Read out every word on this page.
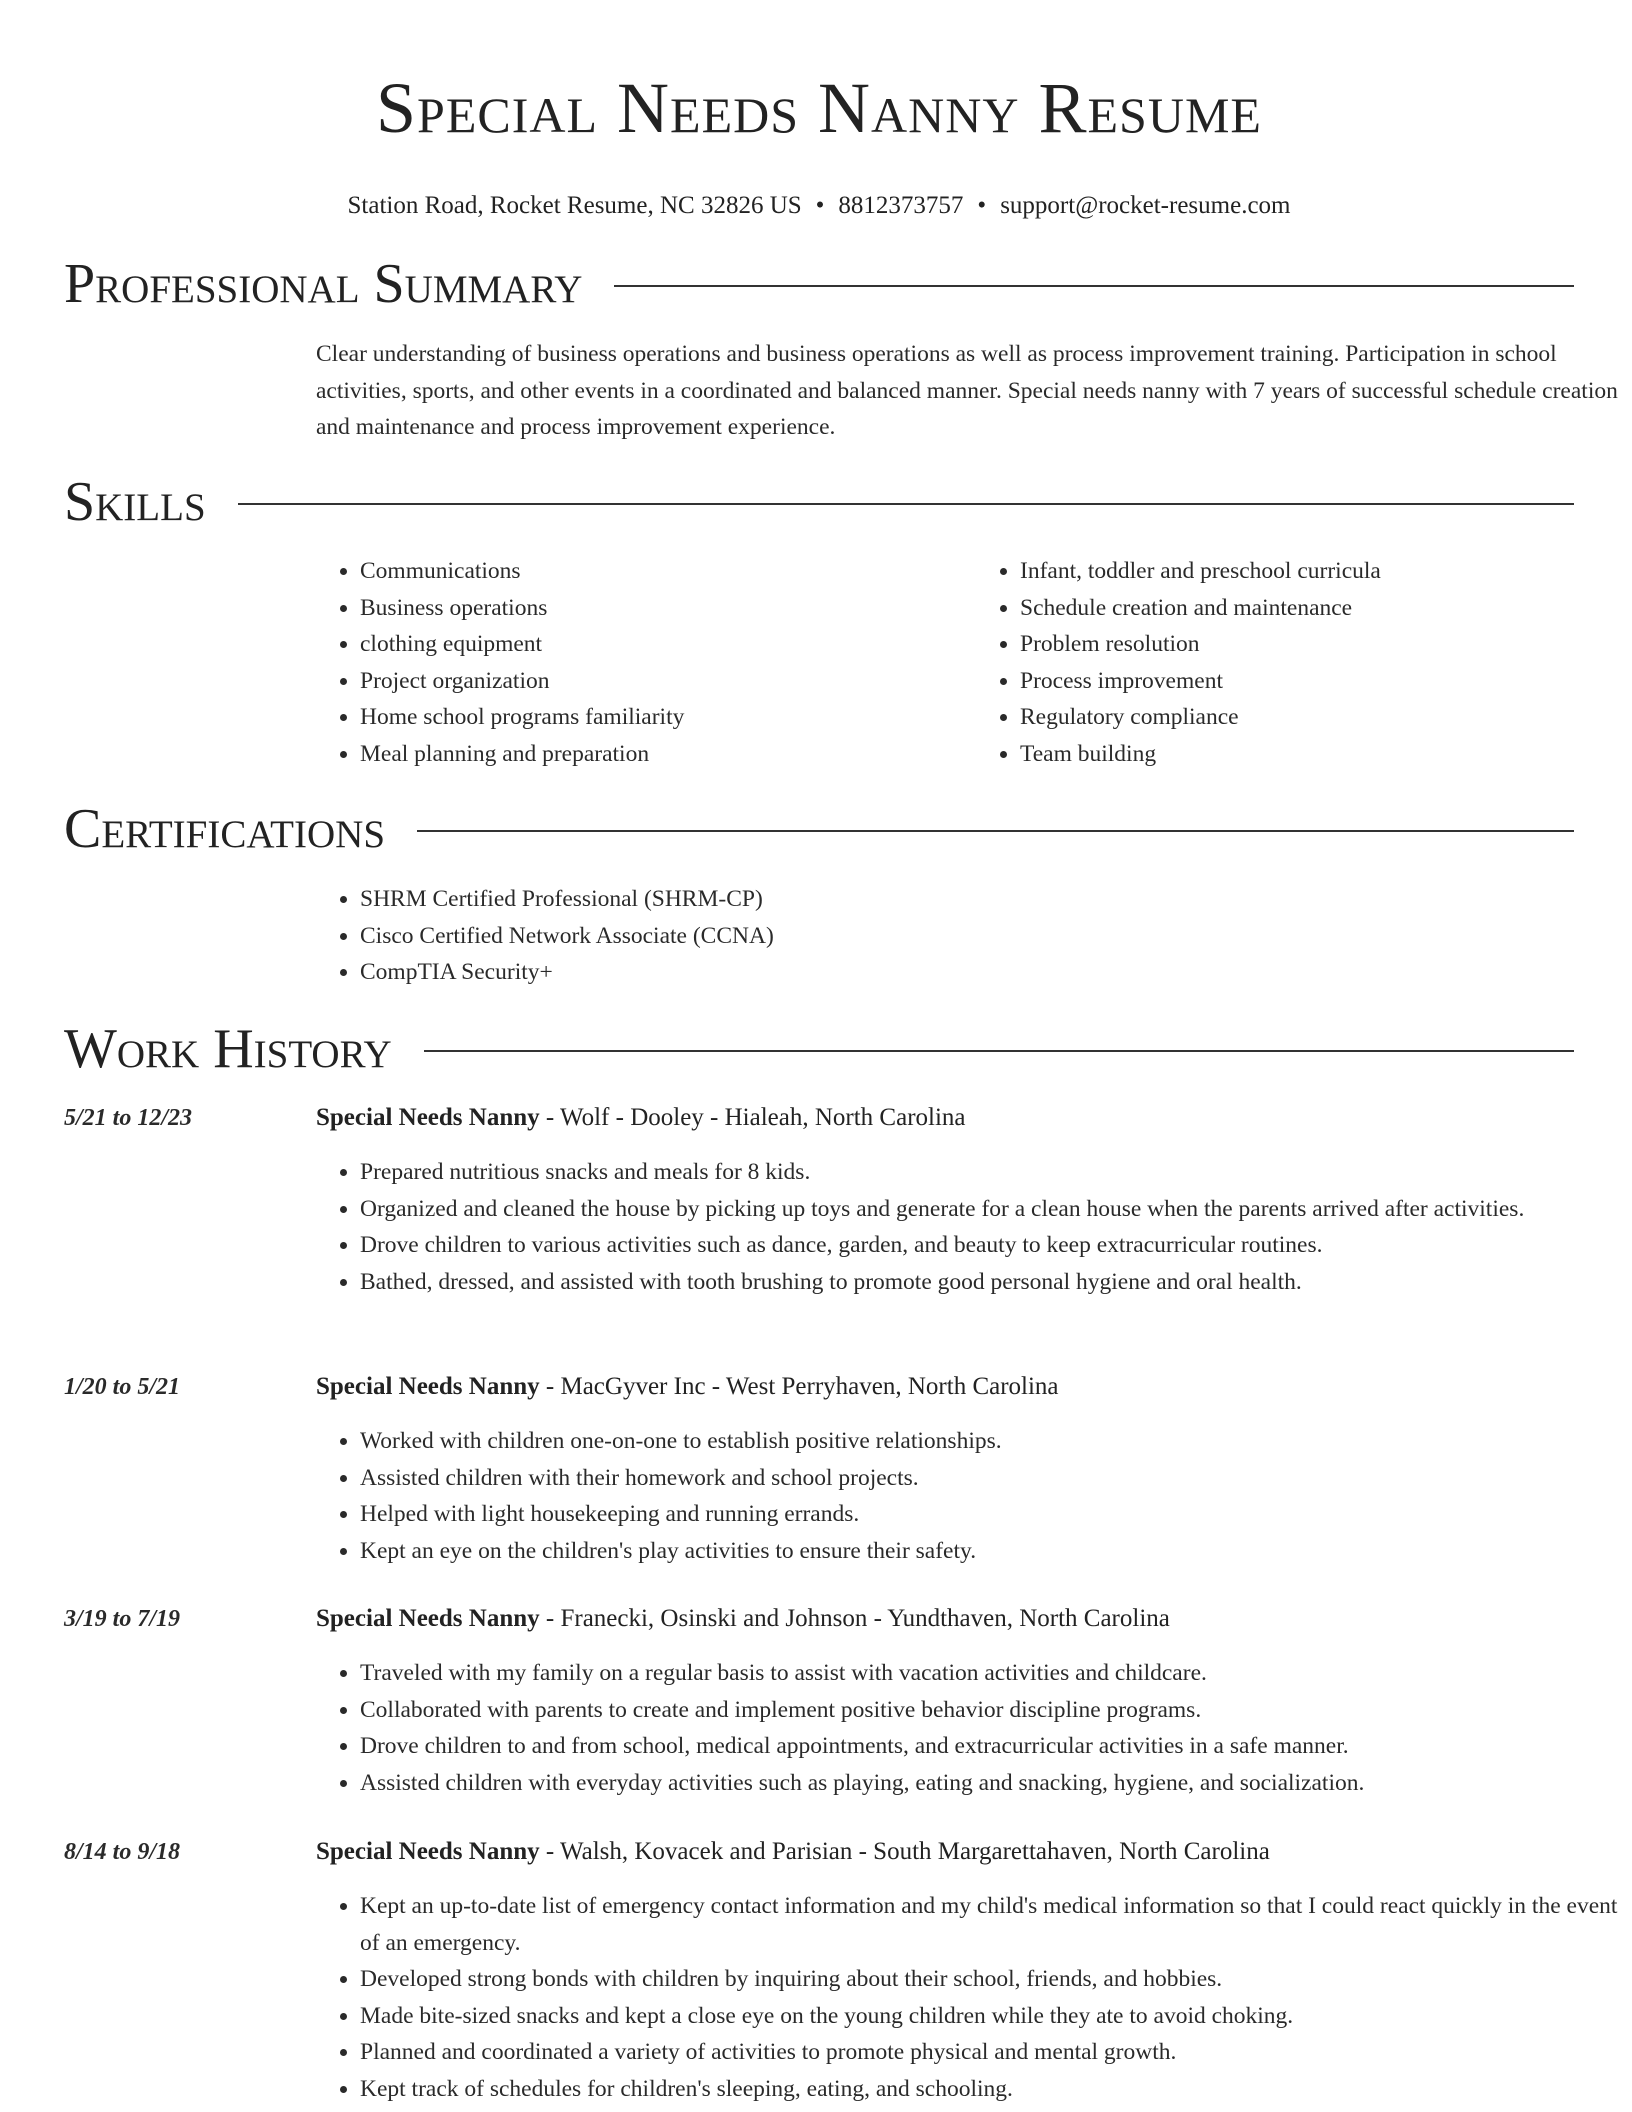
Special Needs Nanny Resume
Station Road, Rocket Resume, NC 32826 US • 8812373757 • support@rocket-resume.com
Professional Summary
Clear understanding of business operations and business operations as well as process improvement training. Participation in school activities, sports, and other events in a coordinated and balanced manner. Special needs nanny with 7 years of successful schedule creation and maintenance and process improvement experience.
Skills
• Communications
• Business operations
• clothing equipment
• Project organization
• Home school programs familiarity
• Meal planning and preparation
• Infant, toddler and preschool curricula
• Schedule creation and maintenance
• Problem resolution
• Process improvement
• Regulatory compliance
• Team building
Certifications
• SHRM Certified Professional (SHRM-CP)
• Cisco Certified Network Associate (CCNA)
• CompTIA Security+
Work History
5/21 to 12/23	Special Needs Nanny - Wolf - Dooley - Hialeah, North Carolina
• Prepared nutritious snacks and meals for 8 kids.
• Organized and cleaned the house by picking up toys and generate for a clean house when the parents arrived after activities.
• Drove children to various activities such as dance, garden, and beauty to keep extracurricular routines.
• Bathed, dressed, and assisted with tooth brushing to promote good personal hygiene and oral health.
1/20 to 5/21	Special Needs Nanny - MacGyver Inc - West Perryhaven, North Carolina
• Worked with children one-on-one to establish positive relationships.
• Assisted children with their homework and school projects.
• Helped with light housekeeping and running errands.
• Kept an eye on the children's play activities to ensure their safety.
3/19 to 7/19	Special Needs Nanny - Franecki, Osinski and Johnson - Yundthaven, North Carolina
• Traveled with my family on a regular basis to assist with vacation activities and childcare.
• Collaborated with parents to create and implement positive behavior discipline programs.
• Drove children to and from school, medical appointments, and extracurricular activities in a safe manner.
• Assisted children with everyday activities such as playing, eating and snacking, hygiene, and socialization.
8/14 to 9/18	Special Needs Nanny - Walsh, Kovacek and Parisian - South Margarettahaven, North Carolina
• Kept an up-to-date list of emergency contact information and my child's medical information so that I could react quickly in the event of an emergency.
• Developed strong bonds with children by inquiring about their school, friends, and hobbies.
• Made bite-sized snacks and kept a close eye on the young children while they ate to avoid choking.
• Planned and coordinated a variety of activities to promote physical and mental growth.
• Kept track of schedules for children's sleeping, eating, and schooling.
